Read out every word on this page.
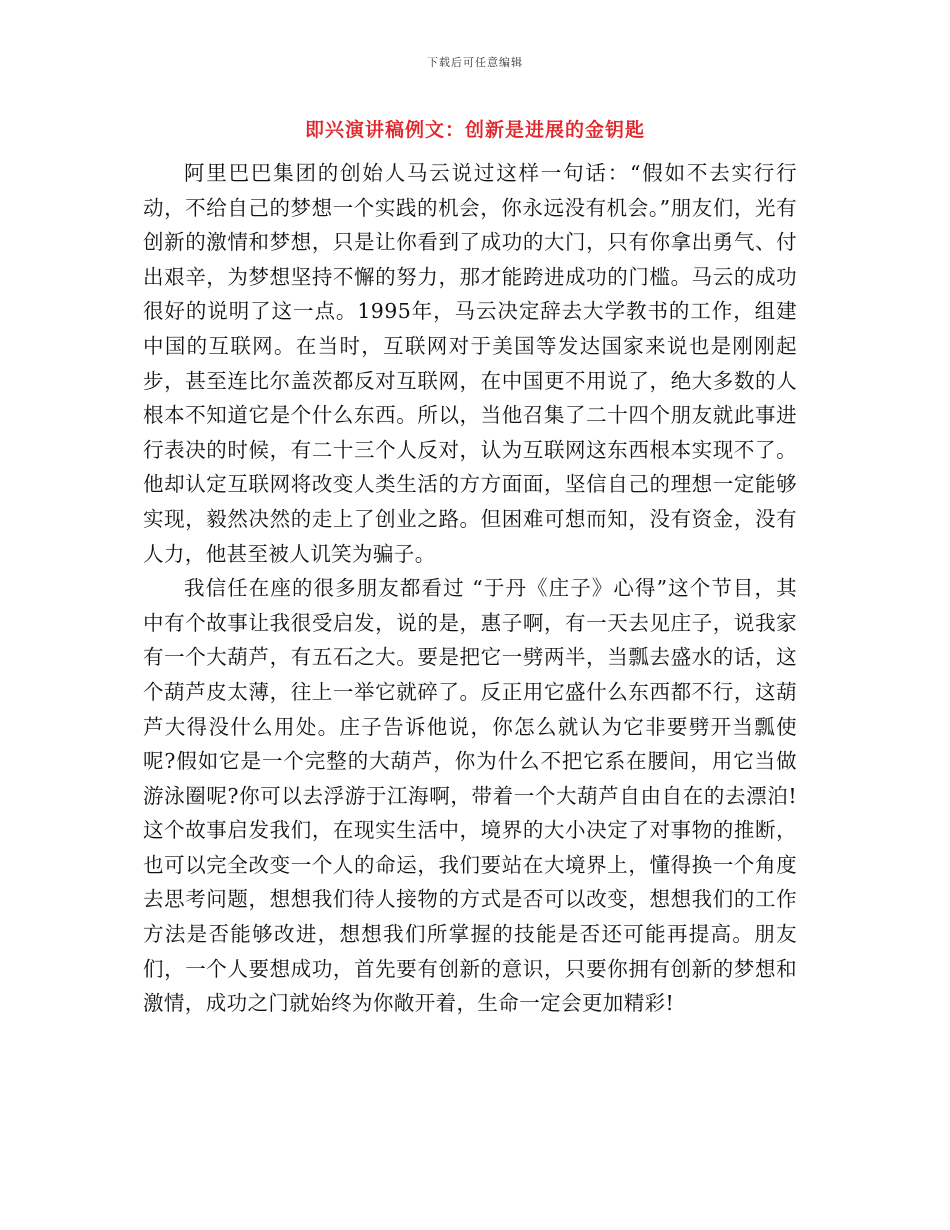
下载后可任意编辑
即兴演讲稿例文：创新是进展的金钥匙

阿里巴巴集团的创始人马云说过这样一句话：“假如不去实行行动，不给自己的梦想一个实践的机会，你永远没有机会。”朋友们，光有创新的激情和梦想，只是让你看到了成功的大门，只有你拿出勇气、付出艰辛，为梦想坚持不懈的努力，那才能跨进成功的门槛。马云的成功很好的说明了这一点。1995年，马云决定辞去大学教书的工作，组建中国的互联网。在当时，互联网对于美国等发达国家来说也是刚刚起步，甚至连比尔盖茨都反对互联网，在中国更不用说了，绝大多数的人根本不知道它是个什么东西。所以，当他召集了二十四个朋友就此事进行表决的时候，有二十三个人反对，认为互联网这东西根本实现不了。他却认定互联网将改变人类生活的方方面面，坚信自己的理想一定能够实现，毅然决然的走上了创业之路。但困难可想而知，没有资金，没有人力，他甚至被人讥笑为骗子。

我信任在座的很多朋友都看过 “于丹《庄子》心得”这个节目，其中有个故事让我很受启发，说的是，惠子啊，有一天去见庄子，说我家有一个大葫芦，有五石之大。要是把它一劈两半，当瓢去盛水的话，这个葫芦皮太薄，往上一举它就碎了。反正用它盛什么东西都不行，这葫芦大得没什么用处。庄子告诉他说，你怎么就认为它非要劈开当瓢使呢?假如它是一个完整的大葫芦，你为什么不把它系在腰间，用它当做游泳圈呢?你可以去浮游于江海啊，带着一个大葫芦自由自在的去漂泊!这个故事启发我们，在现实生活中，境界的大小决定了对事物的推断，也可以完全改变一个人的命运，我们要站在大境界上，懂得换一个角度去思考问题，想想我们待人接物的方式是否可以改变，想想我们的工作方法是否能够改进，想想我们所掌握的技能是否还可能再提高。朋友们，一个人要想成功，首先要有创新的意识，只要你拥有创新的梦想和激情，成功之门就始终为你敞开着，生命一定会更加精彩!
